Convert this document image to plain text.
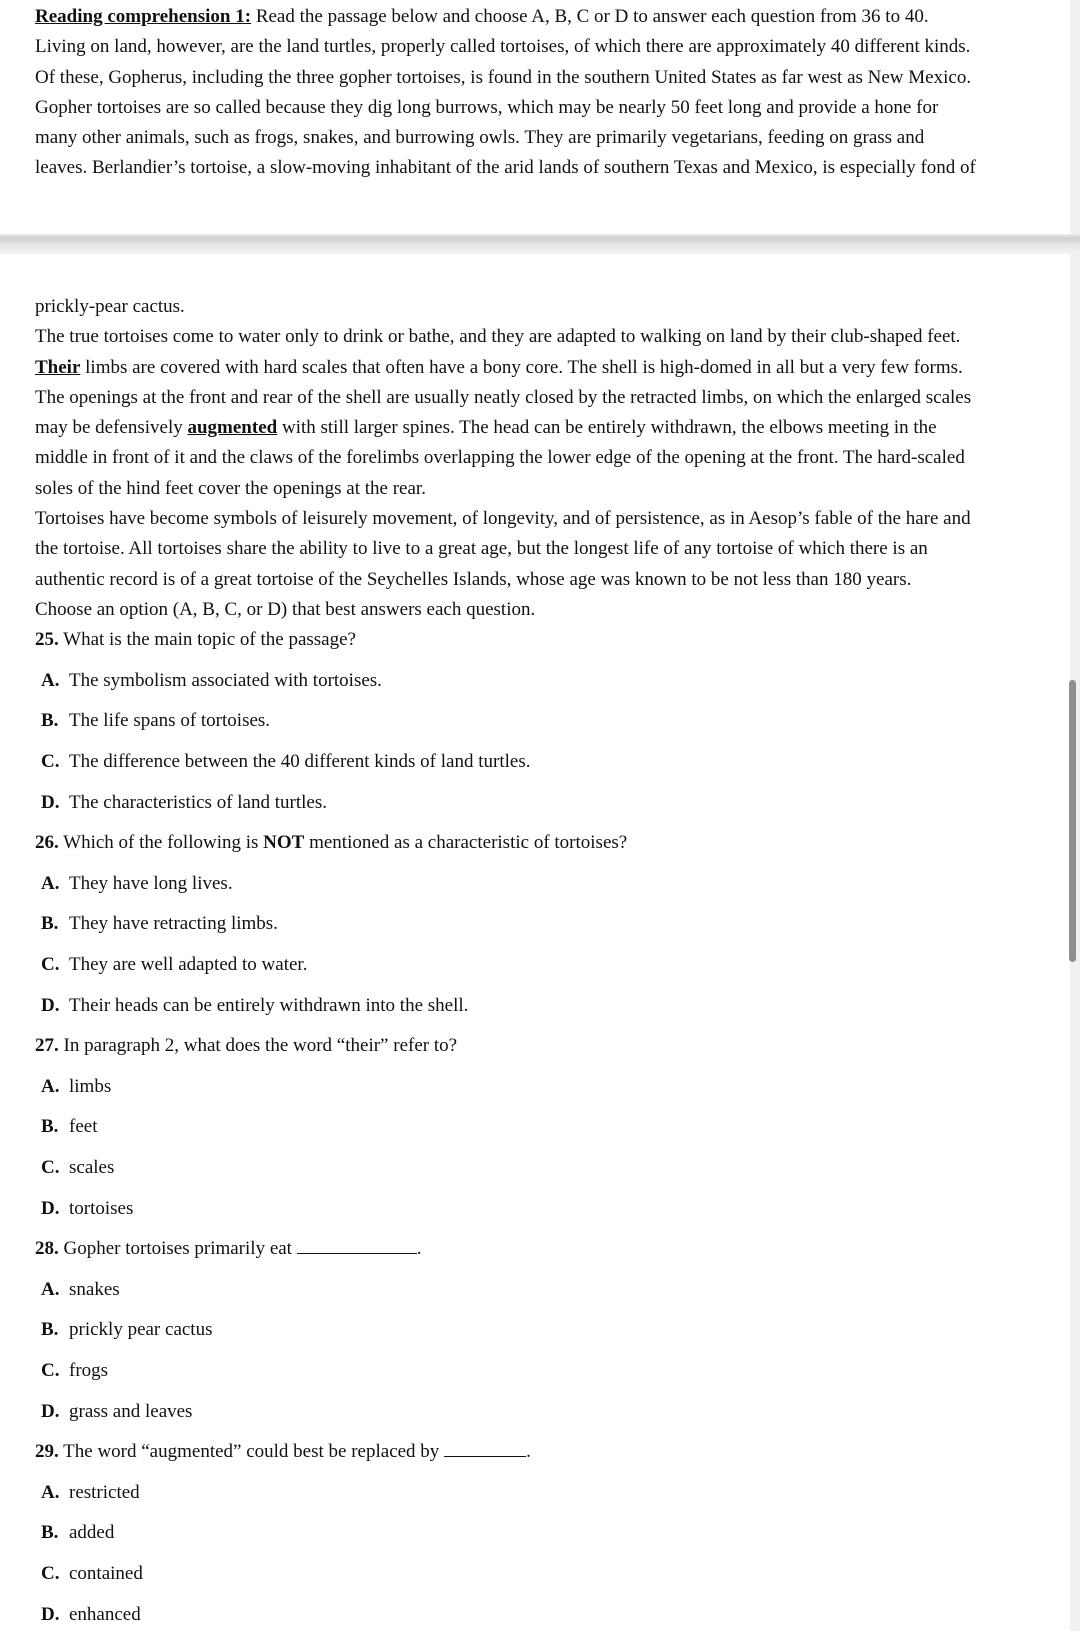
Reading comprehension 1: Read the passage below and choose A, B, C or D to answer each question from 36 to 40.

Living on land, however, are the land turtles, properly called tortoises, of which there are approximately 40 different kinds.

Of these, Gopherus, including the three gopher tortoises, is found in the southern United States as far west as New Mexico.

Gopher tortoises are so called because they dig long burrows, which may be nearly 50 feet long and provide a hone for

many other animals, such as frogs, snakes, and burrowing owls. They are primarily vegetarians, feeding on grass and

leaves. Berlandier’s tortoise, a slow-moving inhabitant of the arid lands of southern Texas and Mexico, is especially fond of

prickly-pear cactus.

The true tortoises come to water only to drink or bathe, and they are adapted to walking on land by their club-shaped feet.

Their limbs are covered with hard scales that often have a bony core. The shell is high-domed in all but a very few forms.

The openings at the front and rear of the shell are usually neatly closed by the retracted limbs, on which the enlarged scales

may be defensively augmented with still larger spines. The head can be entirely withdrawn, the elbows meeting in the

middle in front of it and the claws of the forelimbs overlapping the lower edge of the opening at the front. The hard-scaled

soles of the hind feet cover the openings at the rear.

Tortoises have become symbols of leisurely movement, of longevity, and of persistence, as in Aesop’s fable of the hare and

the tortoise. All tortoises share the ability to live to a great age, but the longest life of any tortoise of which there is an

authentic record is of a great tortoise of the Seychelles Islands, whose age was known to be not less than 180 years.

Choose an option (A, B, C, or D) that best answers each question.

25. What is the main topic of the passage?

A. The symbolism associated with tortoises.

B. The life spans of tortoises.

C. The difference between the 40 different kinds of land turtles.

D. The characteristics of land turtles.

26. Which of the following is NOT mentioned as a characteristic of tortoises?

A. They have long lives.

B. They have retracting limbs.

C. They are well adapted to water.

D. Their heads can be entirely withdrawn into the shell.

27. In paragraph 2, what does the word “their” refer to?

A. limbs

B. feet

C. scales

D. tortoises

28. Gopher tortoises primarily eat	.

A. snakes

B. prickly pear cactus

C. frogs

D. grass and leaves

29. The word “augmented” could best be replaced by	.

A. restricted

B. added

C. contained

D. enhanced
